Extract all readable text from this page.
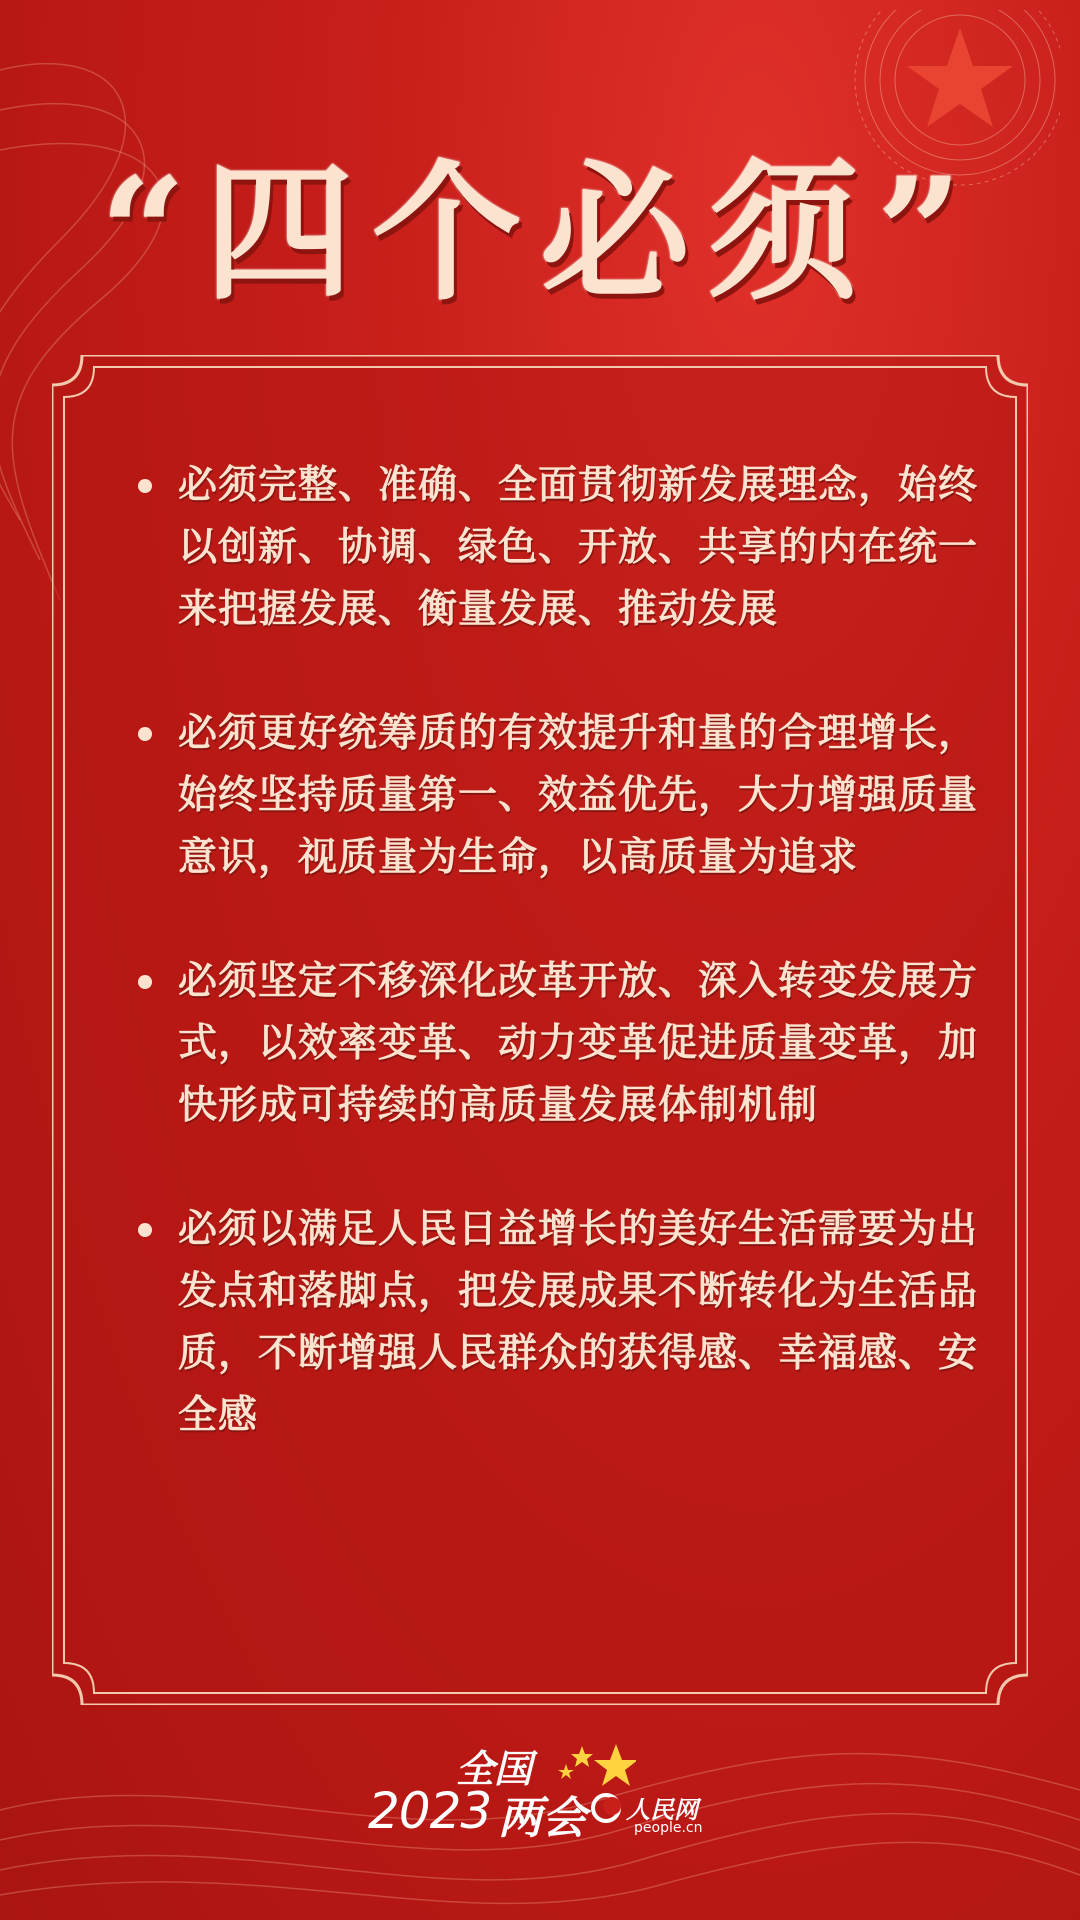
“四个必须”
必须完整、准确、全面贯彻新发展理念，始终以创新、协调、绿色、开放、共享的内在统一来把握发展、衡量发展、推动发展
必须更好统筹质的有效提升和量的合理增长，始终坚持质量第一、效益优先，大力增强质量意识，视质量为生命，以高质量为追求
必须坚定不移深化改革开放、深入转变发展方式，以效率变革、动力变革促进质量变革，加快形成可持续的高质量发展体制机制
必须以满足人民日益增长的美好生活需要为出发点和落脚点，把发展成果不断转化为生活品质，不断增强人民群众的获得感、幸福感、安全感
全国
2023 两会 人民网
people.cn
